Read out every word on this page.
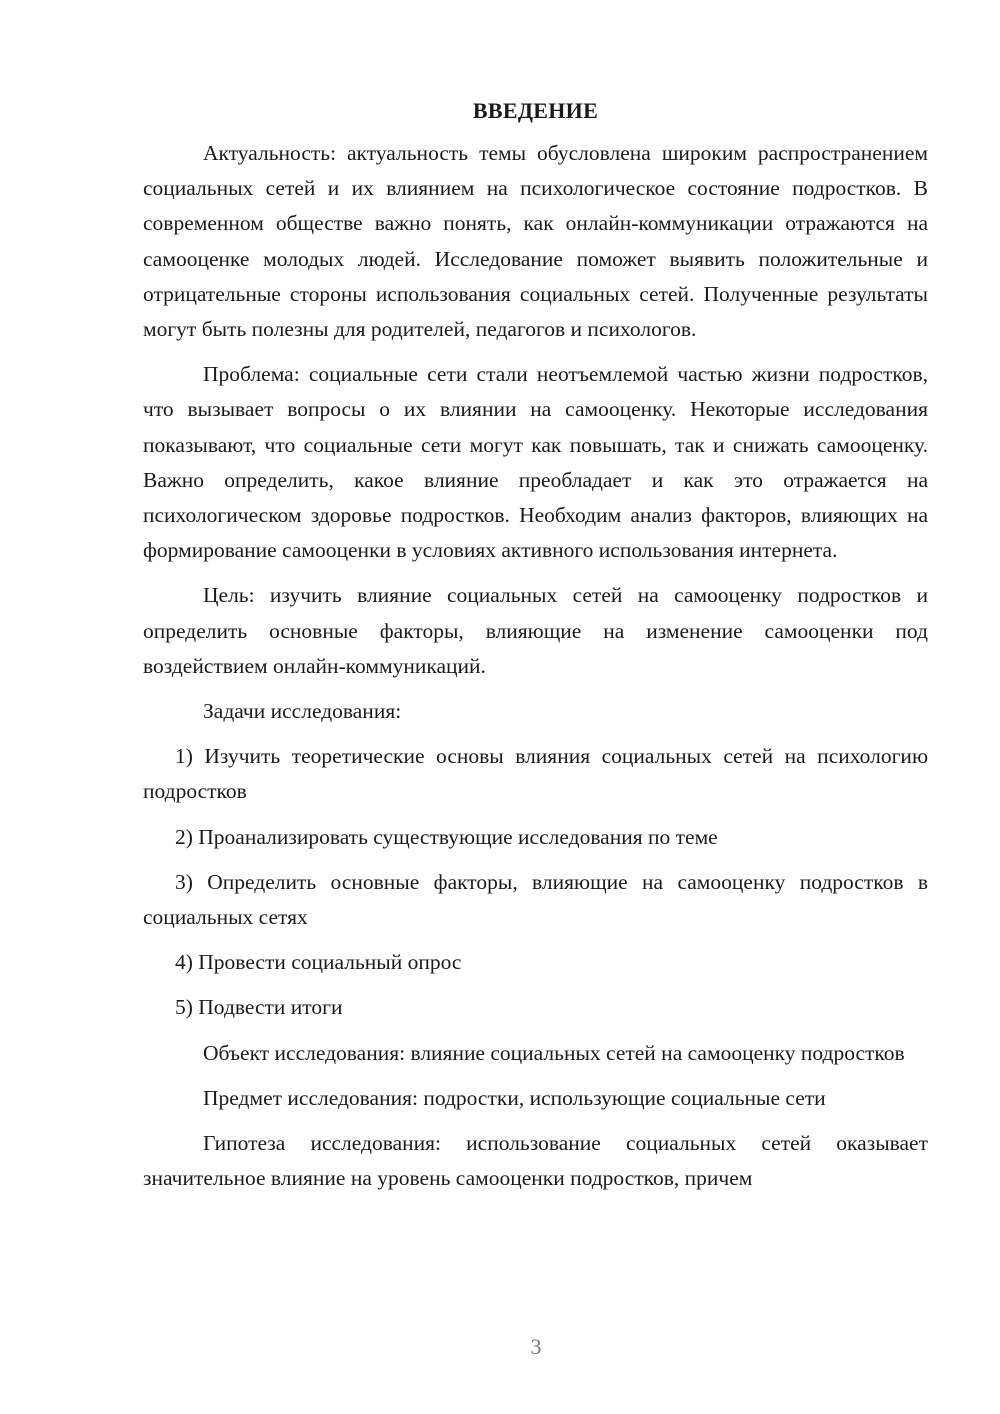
ВВЕДЕНИЕ

Актуальность: актуальность темы обусловлена широким распространением социальных сетей и их влиянием на психологическое состояние подростков. В современном обществе важно понять, как онлайн-коммуникации отражаются на самооценке молодых людей. Исследование поможет выявить положительные и отрицательные стороны использования социальных сетей. Полученные результаты могут быть полезны для родителей, педагогов и психологов.

Проблема: социальные сети стали неотъемлемой частью жизни подростков, что вызывает вопросы о их влиянии на самооценку. Некоторые исследования показывают, что социальные сети могут как повышать, так и снижать самооценку. Важно определить, какое влияние преобладает и как это отражается на психологическом здоровье подростков. Необходим анализ факторов, влияющих на формирование самооценки в условиях активного использования интернета.

Цель: изучить влияние социальных сетей на самооценку подростков и определить основные факторы, влияющие на изменение самооценки под воздействием онлайн-коммуникаций.

Задачи исследования:

1) Изучить теоретические основы влияния социальных сетей на психологию подростков

2) Проанализировать существующие исследования по теме

3) Определить основные факторы, влияющие на самооценку подростков в социальных сетях

4) Провести социальный опрос

5) Подвести итоги

Объект исследования: влияние социальных сетей на самооценку подростков

Предмет исследования: подростки, использующие социальные сети

Гипотеза исследования: использование социальных сетей оказывает значительное влияние на уровень самооценки подростков, причем

3
